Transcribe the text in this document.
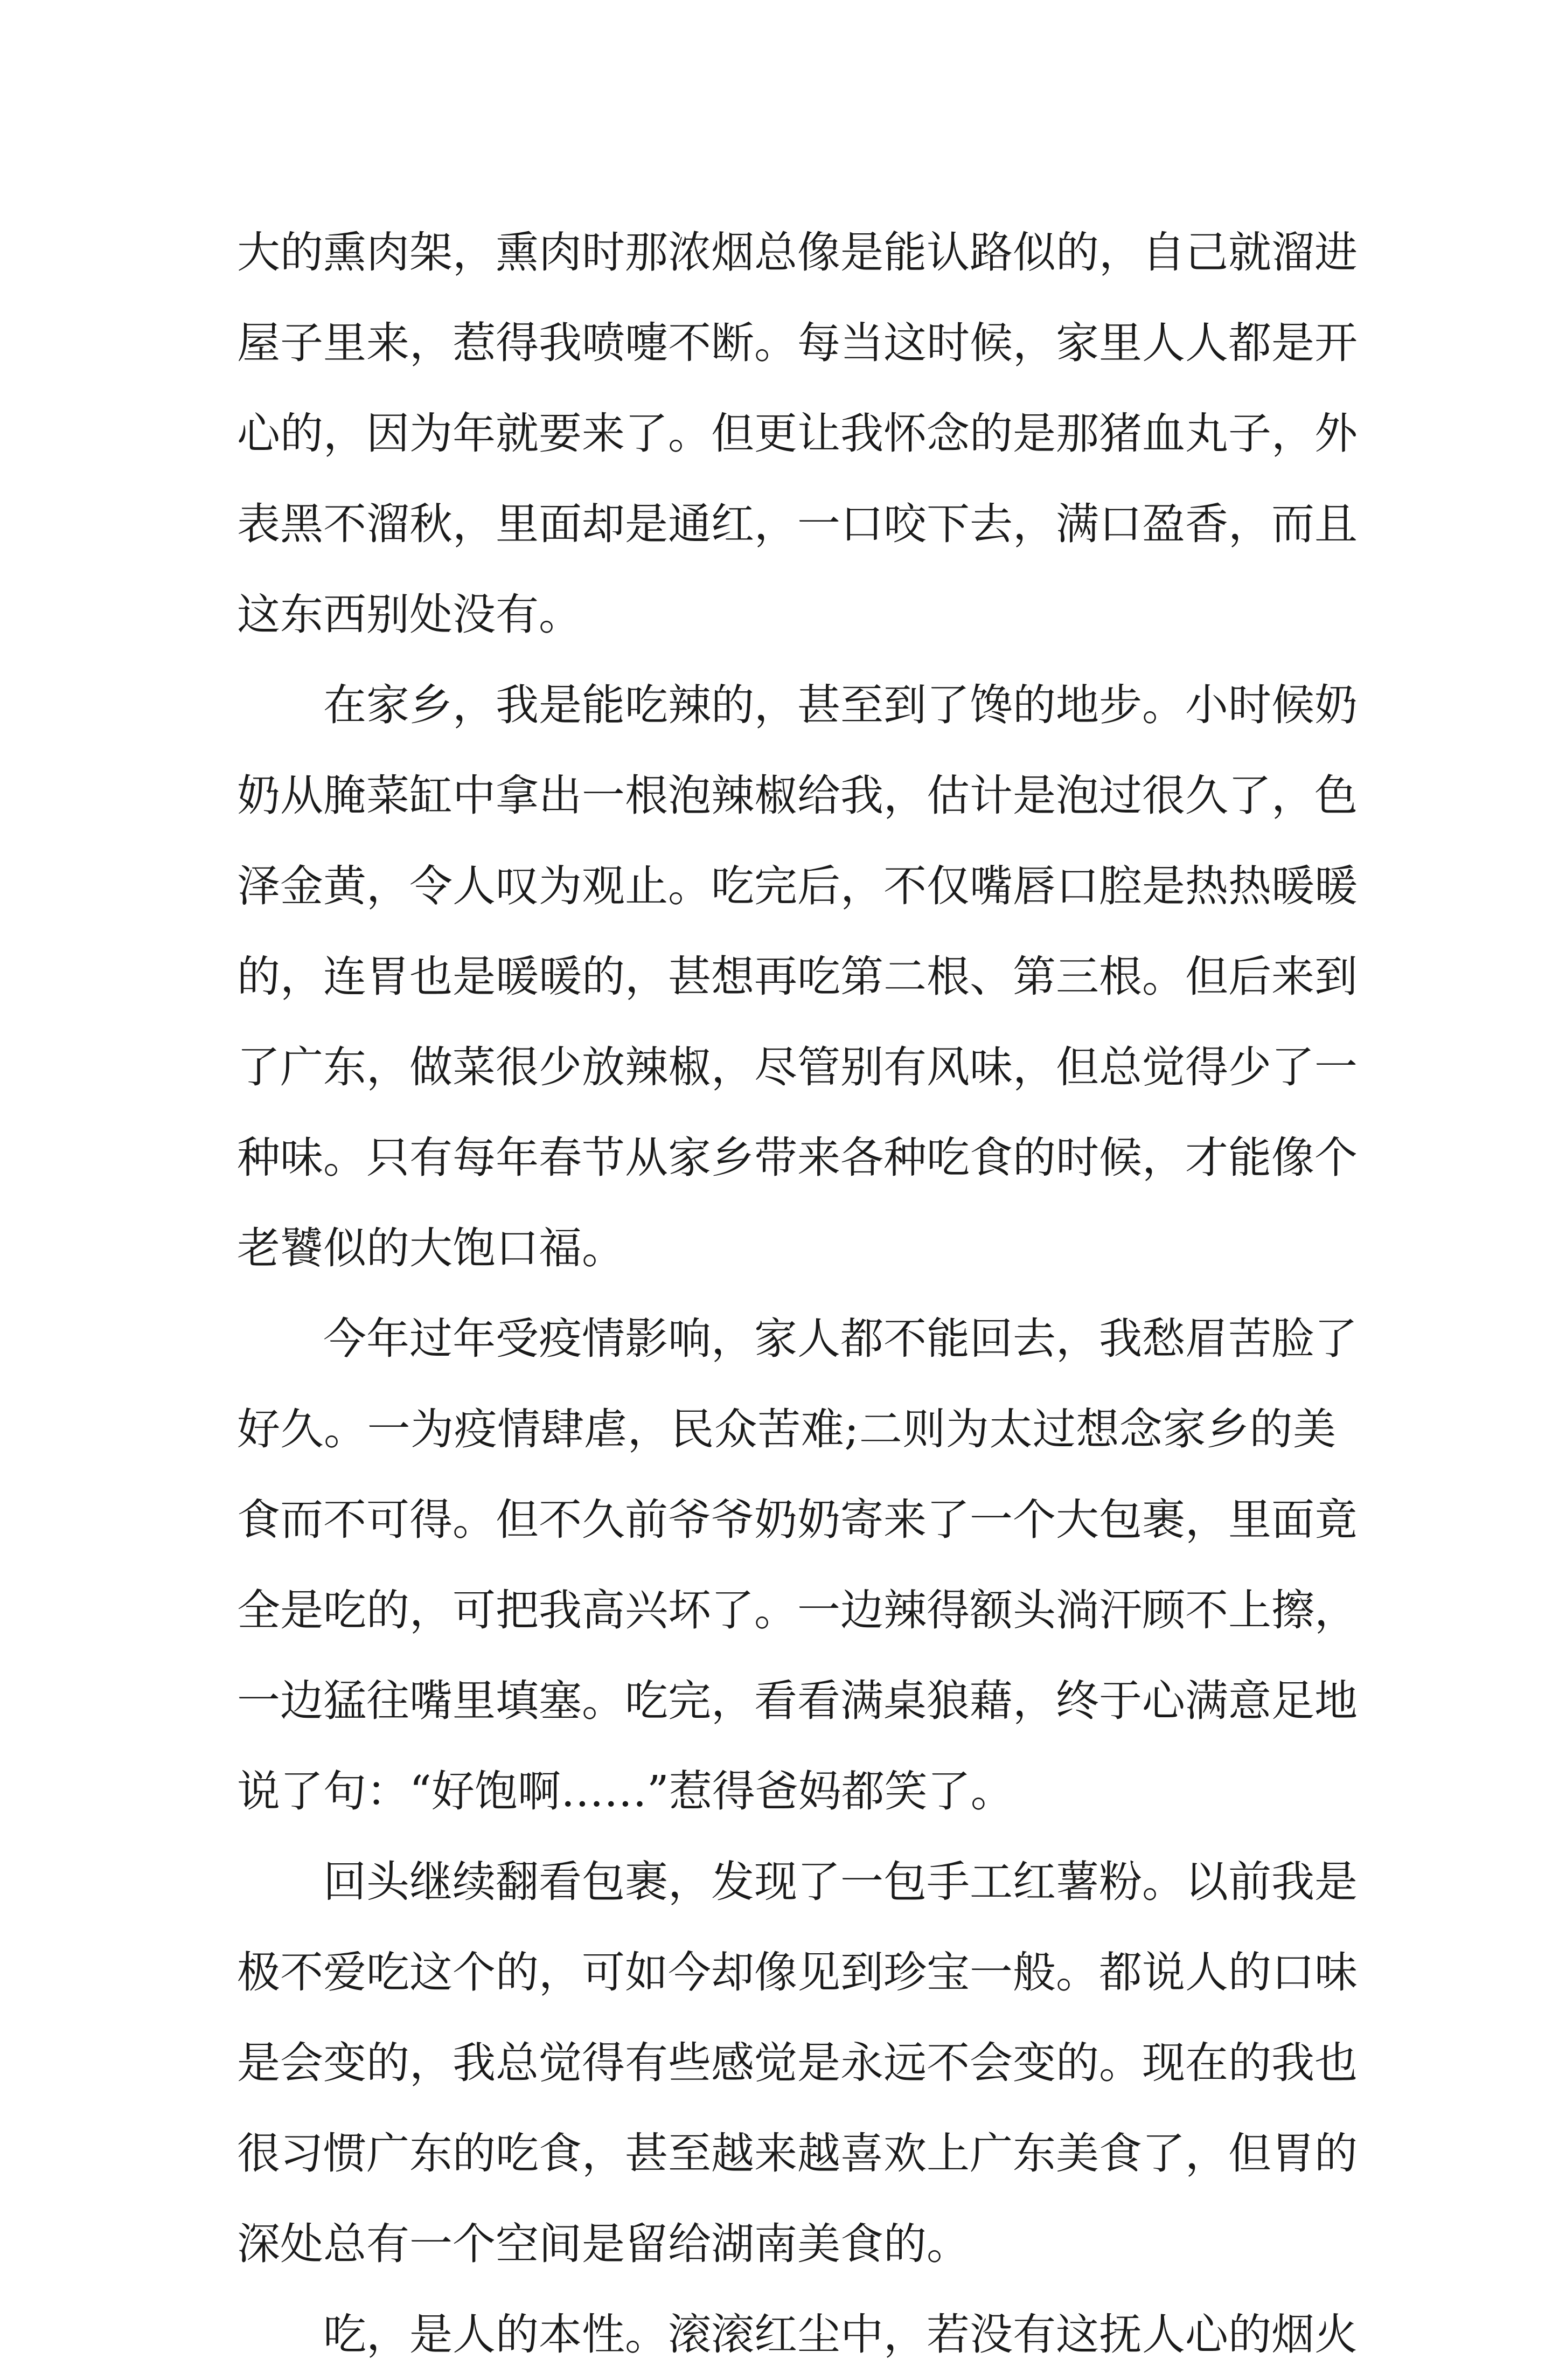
大的熏肉架，熏肉时那浓烟总像是能认路似的，自己就溜进
屋子里来，惹得我喷嚏不断。每当这时候，家里人人都是开
心的，因为年就要来了。但更让我怀念的是那猪血丸子，外
表黑不溜秋，里面却是通红，一口咬下去，满口盈香，而且
这东西别处没有。
在家乡，我是能吃辣的，甚至到了馋的地步。小时候奶
奶从腌菜缸中拿出一根泡辣椒给我，估计是泡过很久了，色
泽金黄，令人叹为观止。吃完后，不仅嘴唇口腔是热热暖暖
的，连胃也是暖暖的，甚想再吃第二根、第三根。但后来到
了广东，做菜很少放辣椒，尽管别有风味，但总觉得少了一
种味。只有每年春节从家乡带来各种吃食的时候，才能像个
老饕似的大饱口福。
今年过年受疫情影响，家人都不能回去，我愁眉苦脸了
好久。一为疫情肆虐，民众苦难;二则为太过想念家乡的美
食而不可得。但不久前爷爷奶奶寄来了一个大包裹，里面竟
全是吃的，可把我高兴坏了。一边辣得额头淌汗顾不上擦，
一边猛往嘴里填塞。吃完，看看满桌狼藉，终于心满意足地
说了句：“好饱啊……”惹得爸妈都笑了。
回头继续翻看包裹，发现了一包手工红薯粉。以前我是
极不爱吃这个的，可如今却像见到珍宝一般。都说人的口味
是会变的，我总觉得有些感觉是永远不会变的。现在的我也
很习惯广东的吃食，甚至越来越喜欢上广东美食了，但胃的
深处总有一个空间是留给湖南美食的。
吃，是人的本性。滚滚红尘中，若没有这抚人心的烟火
